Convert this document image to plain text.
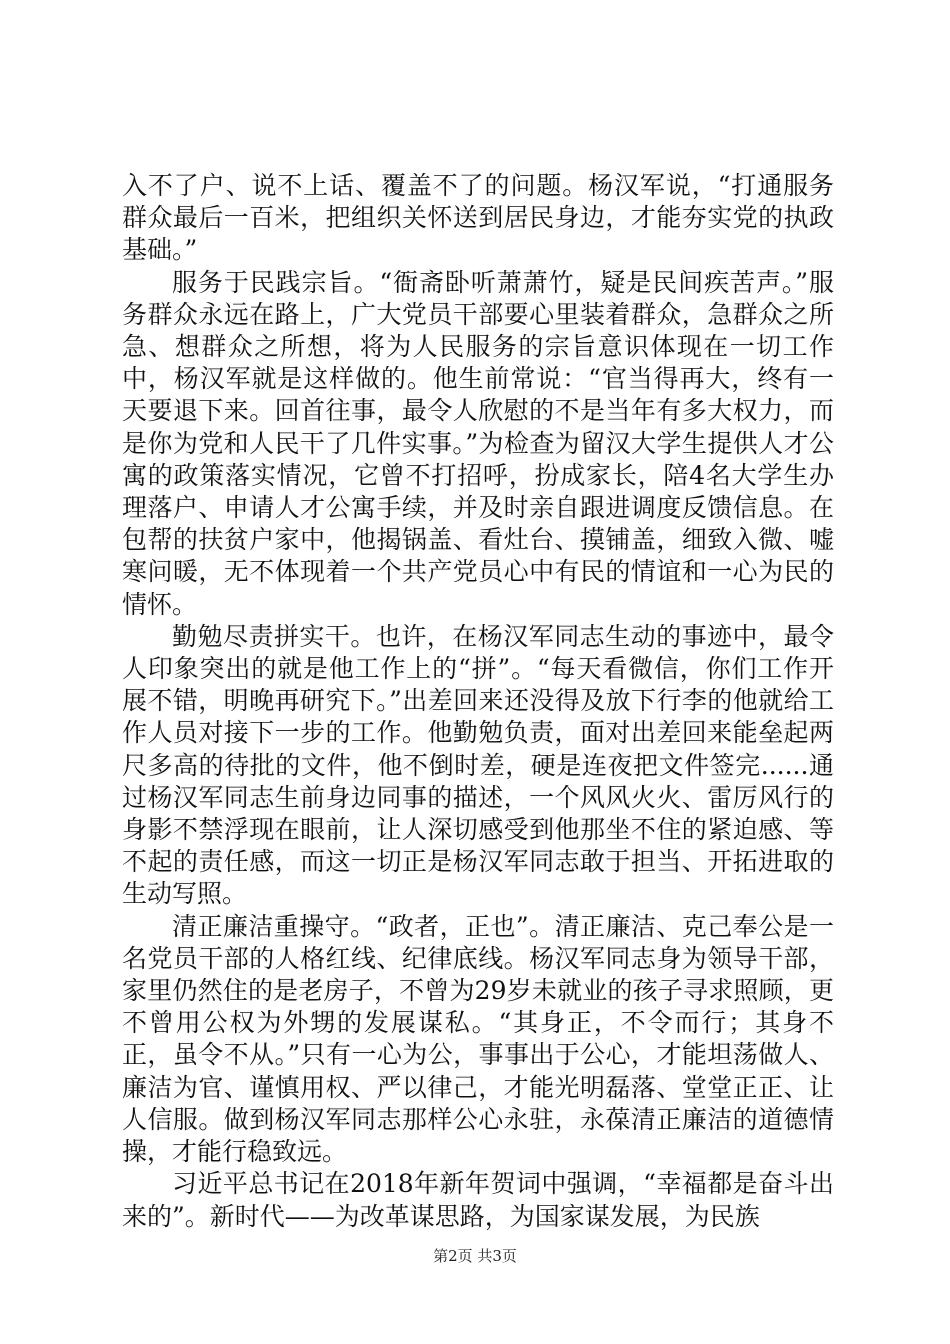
入不了户、说不上话、覆盖不了的问题。杨汉军说，“打通服务群众最后一百米，把组织关怀送到居民身边，才能夯实党的执政基础。”

服务于民践宗旨。“衙斋卧听萧萧竹，疑是民间疾苦声。”服务群众永远在路上，广大党员干部要心里装着群众，急群众之所急、想群众之所想，将为人民服务的宗旨意识体现在一切工作中，杨汉军就是这样做的。他生前常说：“官当得再大，终有一天要退下来。回首往事，最令人欣慰的不是当年有多大权力，而是你为党和人民干了几件实事。”为检查为留汉大学生提供人才公寓的政策落实情况，它曾不打招呼，扮成家长，陪4名大学生办理落户、申请人才公寓手续，并及时亲自跟进调度反馈信息。在包帮的扶贫户家中，他揭锅盖、看灶台、摸铺盖，细致入微、嘘寒问暖，无不体现着一个共产党员心中有民的情谊和一心为民的情怀。

勤勉尽责拼实干。也许，在杨汉军同志生动的事迹中，最令人印象突出的就是他工作上的“拼”。“每天看微信，你们工作开展不错，明晚再研究下。”出差回来还没得及放下行李的他就给工作人员对接下一步的工作。他勤勉负责，面对出差回来能垒起两尺多高的待批的文件，他不倒时差，硬是连夜把文件签完......通过杨汉军同志生前身边同事的描述，一个风风火火、雷厉风行的身影不禁浮现在眼前，让人深切感受到他那坐不住的紧迫感、等不起的责任感，而这一切正是杨汉军同志敢于担当、开拓进取的生动写照。

清正廉洁重操守。“政者，正也”。清正廉洁、克己奉公是一名党员干部的人格红线、纪律底线。杨汉军同志身为领导干部，家里仍然住的是老房子，不曾为29岁未就业的孩子寻求照顾，更不曾用公权为外甥的发展谋私。“其身正，不令而行；其身不正，虽令不从。”只有一心为公，事事出于公心，才能坦荡做人、廉洁为官、谨慎用权、严以律己，才能光明磊落、堂堂正正、让人信服。做到杨汉军同志那样公心永驻，永葆清正廉洁的道德情操，才能行稳致远。

习近平总书记在2018年新年贺词中强调，“幸福都是奋斗出来的”。新时代——为改革谋思路，为国家谋发展，为民族

第2页 共3页
